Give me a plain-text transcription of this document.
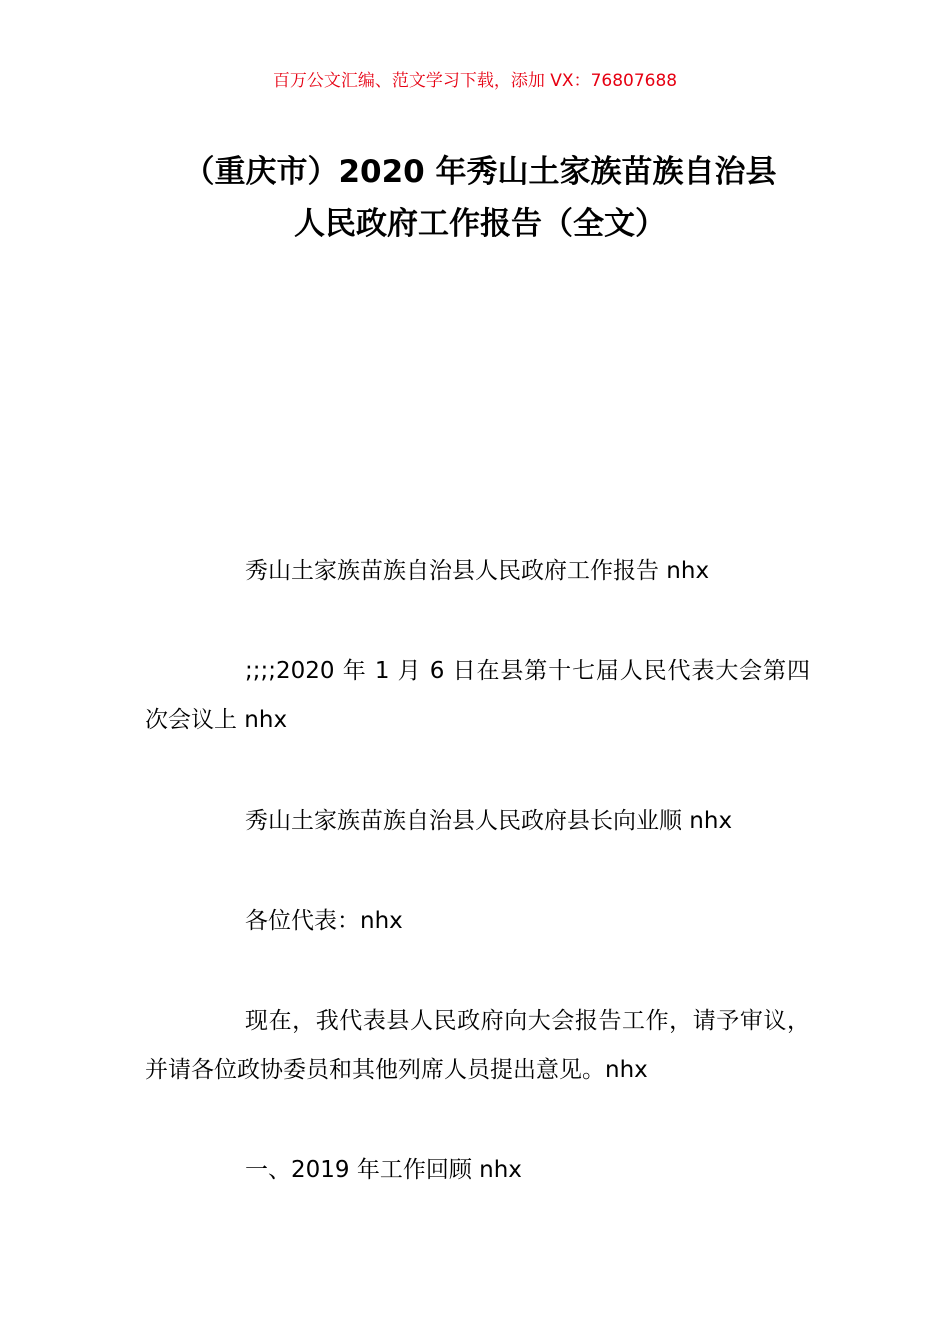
百万公文汇编、范文学习下载，添加 VX：76807688
（重庆市）2020 年秀山土家族苗族自治县
人民政府工作报告（全文）

秀山土家族苗族自治县人民政府工作报告 nhx

;;;;2020 年 1 月 6 日在县第十七届人民代表大会第四次会议上 nhx

秀山土家族苗族自治县人民政府县长向业顺 nhx

各位代表：nhx

现在，我代表县人民政府向大会报告工作，请予审议，并请各位政协委员和其他列席人员提出意见。nhx

一、2019 年工作回顾 nhx
